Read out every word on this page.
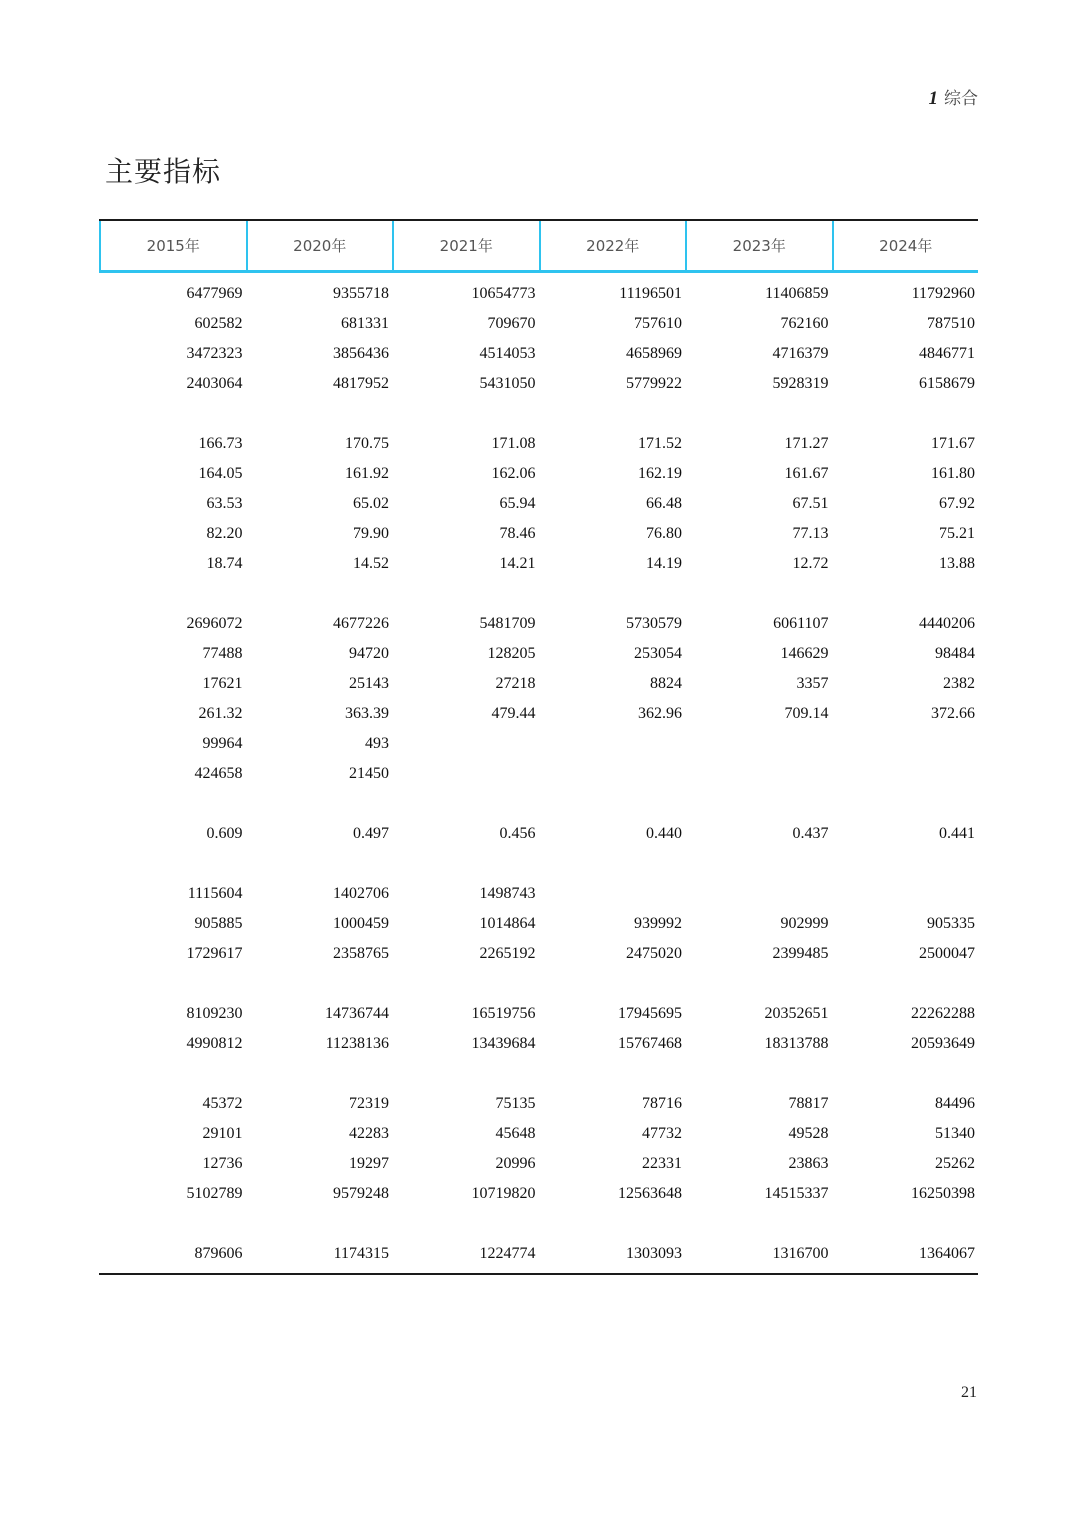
1 综合
主要指标
2015年	2020年	2021年	2022年	2023年	2024年
6477969	9355718	10654773	11196501	11406859	11792960
602582	681331	709670	757610	762160	787510
3472323	3856436	4514053	4658969	4716379	4846771
2403064	4817952	5431050	5779922	5928319	6158679
166.73	170.75	171.08	171.52	171.27	171.67
164.05	161.92	162.06	162.19	161.67	161.80
63.53	65.02	65.94	66.48	67.51	67.92
82.20	79.90	78.46	76.80	77.13	75.21
18.74	14.52	14.21	14.19	12.72	13.88
2696072	4677226	5481709	5730579	6061107	4440206
77488	94720	128205	253054	146629	98484
17621	25143	27218	8824	3357	2382
261.32	363.39	479.44	362.96	709.14	372.66
99964	493
424658	21450
0.609	0.497	0.456	0.440	0.437	0.441
1115604	1402706	1498743
905885	1000459	1014864	939992	902999	905335
1729617	2358765	2265192	2475020	2399485	2500047
8109230	14736744	16519756	17945695	20352651	22262288
4990812	11238136	13439684	15767468	18313788	20593649
45372	72319	75135	78716	78817	84496
29101	42283	45648	47732	49528	51340
12736	19297	20996	22331	23863	25262
5102789	9579248	10719820	12563648	14515337	16250398
879606	1174315	1224774	1303093	1316700	1364067
21
